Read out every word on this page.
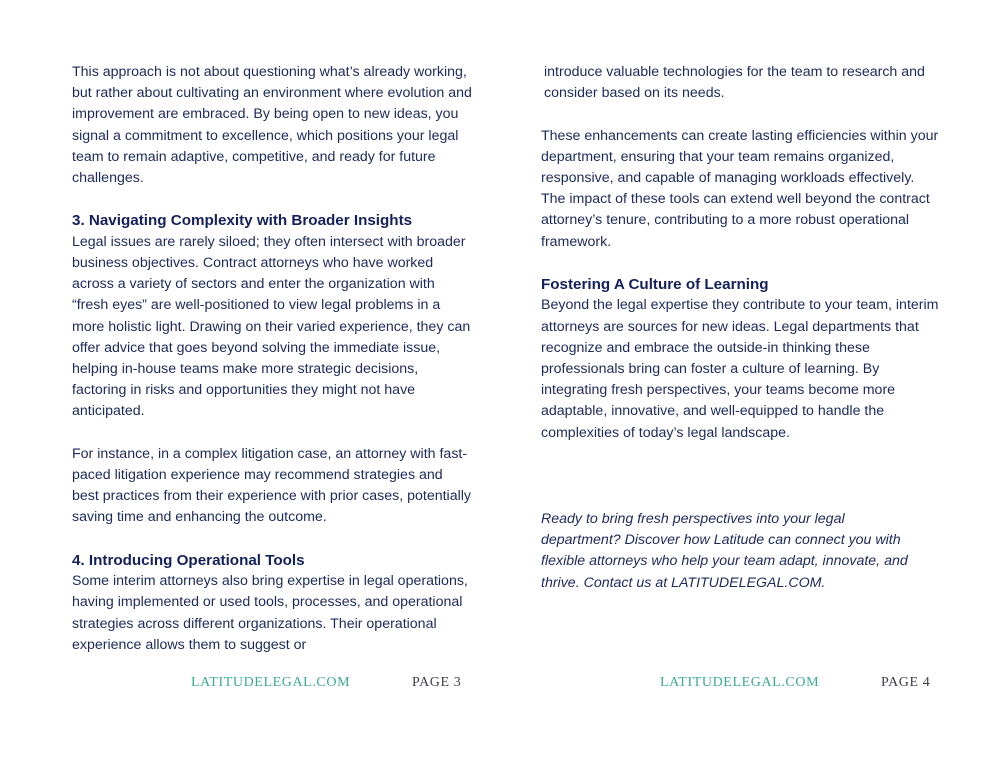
This approach is not about questioning what’s already working, but rather about cultivating an environment where evolution and improvement are embraced. By being open to new ideas, you signal a commitment to excellence, which positions your legal team to remain adaptive, competitive, and ready for future challenges.

3. Navigating Complexity with Broader Insights

Legal issues are rarely siloed; they often intersect with broader business objectives. Contract attorneys who have worked across a variety of sectors and enter the organization with “fresh eyes” are well-positioned to view legal problems in a more holistic light. Drawing on their varied experience, they can offer advice that goes beyond solving the immediate issue, helping in-house teams make more strategic decisions, factoring in risks and opportunities they might not have anticipated.

For instance, in a complex litigation case, an attorney with fast-paced litigation experience may recommend strategies and best practices from their experience with prior cases, potentially saving time and enhancing the outcome.

4. Introducing Operational Tools

Some interim attorneys also bring expertise in legal operations, having implemented or used tools, processes, and operational strategies across different organizations. Their operational experience allows them to suggest or

LATITUDELEGAL.COM	PAGE 3

introduce valuable technologies for the team to research and consider based on its needs.

These enhancements can create lasting efficiencies within your department, ensuring that your team remains organized, responsive, and capable of managing workloads effectively. The impact of these tools can extend well beyond the contract attorney’s tenure, contributing to a more robust operational framework.

Fostering A Culture of Learning

Beyond the legal expertise they contribute to your team, interim attorneys are sources for new ideas. Legal departments that recognize and embrace the outside-in thinking these professionals bring can foster a culture of learning. By integrating fresh perspectives, your teams become more adaptable, innovative, and well-equipped to handle the complexities of today’s legal landscape.

Ready to bring fresh perspectives into your legal department? Discover how Latitude can connect you with flexible attorneys who help your team adapt, innovate, and thrive. Contact us at LATITUDELEGAL.COM.

LATITUDELEGAL.COM	PAGE 4
